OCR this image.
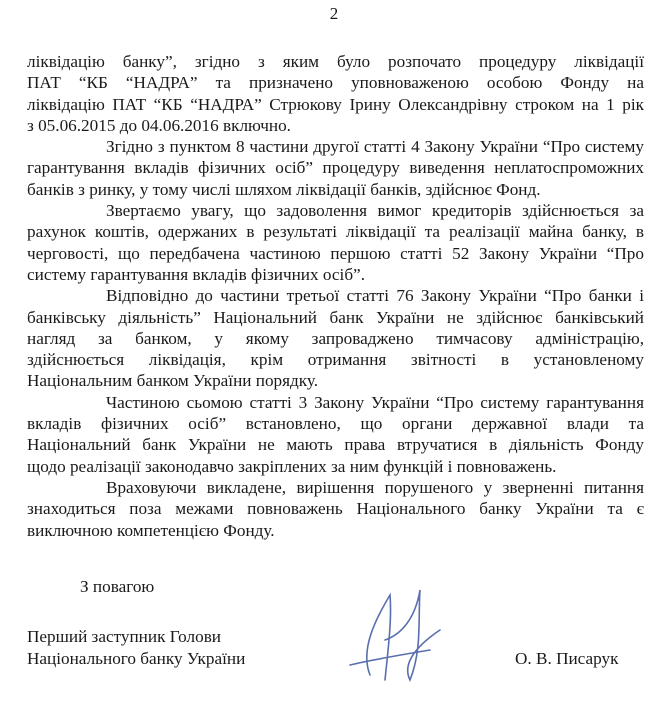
2
ліквідацію банку”, згідно з яким було розпочато процедуру ліквідації
ПАТ “КБ “НАДРА” та призначено уповноваженою особою Фонду на
ліквідацію ПАТ “КБ “НАДРА” Стрюкову Ірину Олександрівну строком на 1 рік
з 05.06.2015 до 04.06.2016 включно.
Згідно з пунктом 8 частини другої статті 4 Закону України “Про систему
гарантування вкладів фізичних осіб” процедуру виведення неплатоспроможних
банків з ринку, у тому числі шляхом ліквідації банків, здійснює Фонд.
Звертаємо увагу, що задоволення вимог кредиторів здійснюється за
рахунок коштів, одержаних в результаті ліквідації та реалізації майна банку, в
черговості, що передбачена частиною першою статті 52 Закону України “Про
систему гарантування вкладів фізичних осіб”.
Відповідно до частини третьої статті 76 Закону України “Про банки і
банківську діяльність” Національний банк України не здійснює банківський
нагляд за банком, у якому запроваджено тимчасову адміністрацію,
здійснюється ліквідація, крім отримання звітності в установленому
Національним банком України порядку.
Частиною сьомою статті 3 Закону України “Про систему гарантування
вкладів фізичних осіб” встановлено, що органи державної влади та
Національний банк України не мають права втручатися в діяльність Фонду
щодо реалізації законодавчо закріплених за ним функцій і повноважень.
Враховуючи викладене, вирішення порушеного у зверненні питання
знаходиться поза межами повноважень Національного банку України та є
виключною компетенцією Фонду.
З повагою
Перший заступник Голови
Національного банку України	О. В. Писарук
